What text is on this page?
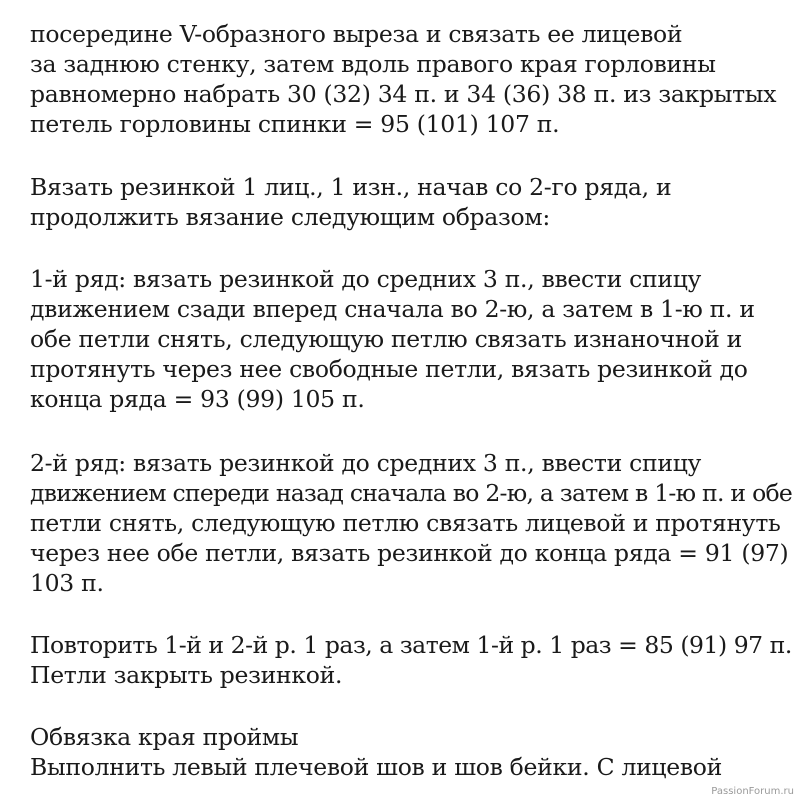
посередине V-образного выреза и связать ее лицевой
за заднюю стенку, затем вдоль правого края горловины
равномерно набрать 30 (32) 34 п. и 34 (36) 38 п. из закрытых
петель горловины спинки = 95 (101) 107 п.

Вязать резинкой 1 лиц., 1 изн., начав со 2-го ряда, и
продолжить вязание следующим образом:

1-й ряд: вязать резинкой до средних 3 п., ввести спицу
движением сзади вперед сначала во 2-ю, а затем в 1-ю п. и
обе петли снять, следующую петлю связать изнаночной и
протянуть через нее свободные петли, вязать резинкой до
конца ряда = 93 (99) 105 п.

2-й ряд: вязать резинкой до средних 3 п., ввести спицу
движением спереди назад сначала во 2-ю, а затем в 1-ю п. и обе
петли снять, следующую петлю связать лицевой и протянуть
через нее обе петли, вязать резинкой до конца ряда = 91 (97)
103 п.

Повторить 1-й и 2-й р. 1 раз, а затем 1-й р. 1 раз = 85 (91) 97 п.
Петли закрыть резинкой.

Обвязка края проймы
Выполнить левый плечевой шов и шов бейки. С лицевой

PassionForum.ru
